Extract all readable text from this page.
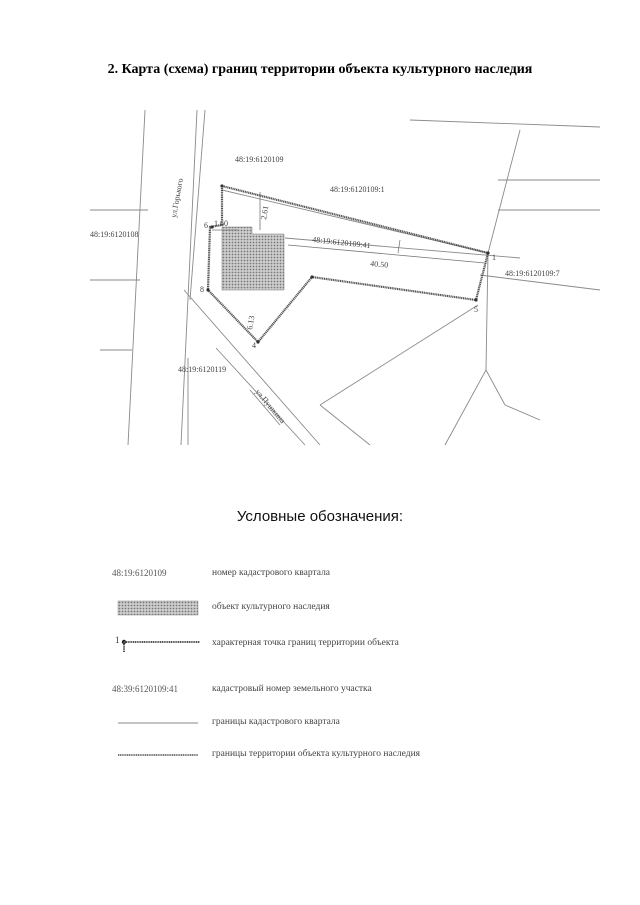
2. Карта (схема) границ территории объекта культурного наследия
48:19:6120109
48:19:6120109:1
48:19:6120108
48:19:6120109:41
48:19:6120109:7
48:19:6120119
ул.Горького
ул.Пушкина
1.60
2.61
40.50
6.13
1
4
5
6
8
Условные обозначения:
48:19:6120109	номер кадастрового квартала
объект культурного наследия
1	характерная точка границ территории объекта
48:39:6120109:41	кадастровый номер земельного участка
границы кадастрового квартала
границы территории объекта культурного наследия
